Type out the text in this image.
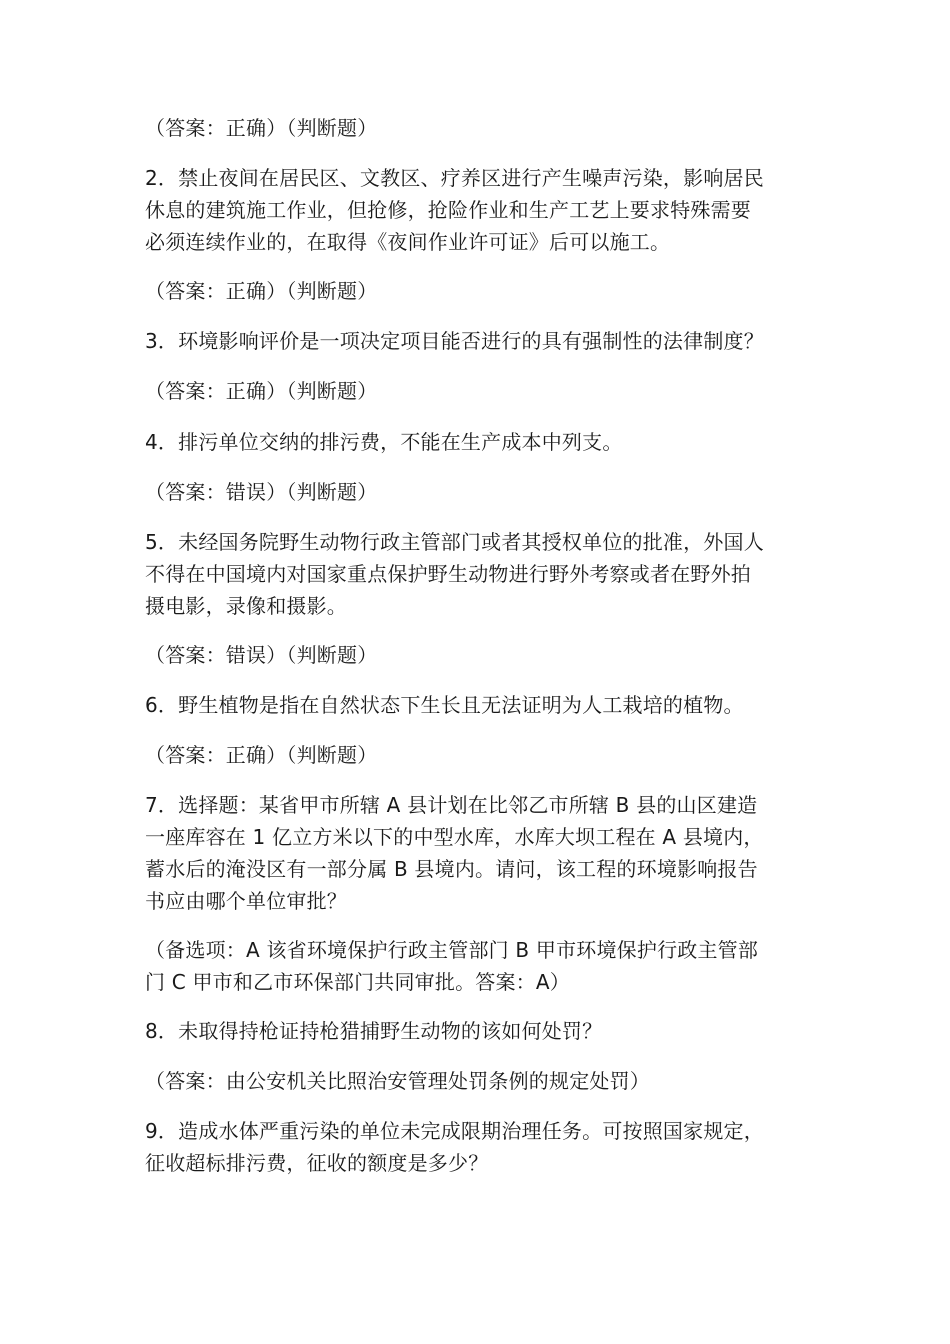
（答案：正确）（判断题）
2．禁止夜间在居民区、文教区、疗养区进行产生噪声污染，影响居民
休息的建筑施工作业，但抢修，抢险作业和生产工艺上要求特殊需要
必须连续作业的，在取得《夜间作业许可证》后可以施工。
（答案：正确）（判断题）
3．环境影响评价是一项决定项目能否进行的具有强制性的法律制度？
（答案：正确）（判断题）
4．排污单位交纳的排污费，不能在生产成本中列支。
（答案：错误）（判断题）
5．未经国务院野生动物行政主管部门或者其授权单位的批准，外国人
不得在中国境内对国家重点保护野生动物进行野外考察或者在野外拍
摄电影，录像和摄影。
（答案：错误）（判断题）
6．野生植物是指在自然状态下生长且无法证明为人工栽培的植物。
（答案：正确）（判断题）
7．选择题：某省甲市所辖 A 县计划在比邻乙市所辖 B 县的山区建造
一座库容在 1 亿立方米以下的中型水库，水库大坝工程在 A 县境内，
蓄水后的淹没区有一部分属 B 县境内。请问，该工程的环境影响报告
书应由哪个单位审批？
（备选项：A 该省环境保护行政主管部门 B 甲市环境保护行政主管部
门 C 甲市和乙市环保部门共同审批。答案：A）
8．未取得持枪证持枪猎捕野生动物的该如何处罚？
（答案：由公安机关比照治安管理处罚条例的规定处罚）
9．造成水体严重污染的单位未完成限期治理任务。可按照国家规定，
征收超标排污费，征收的额度是多少？
